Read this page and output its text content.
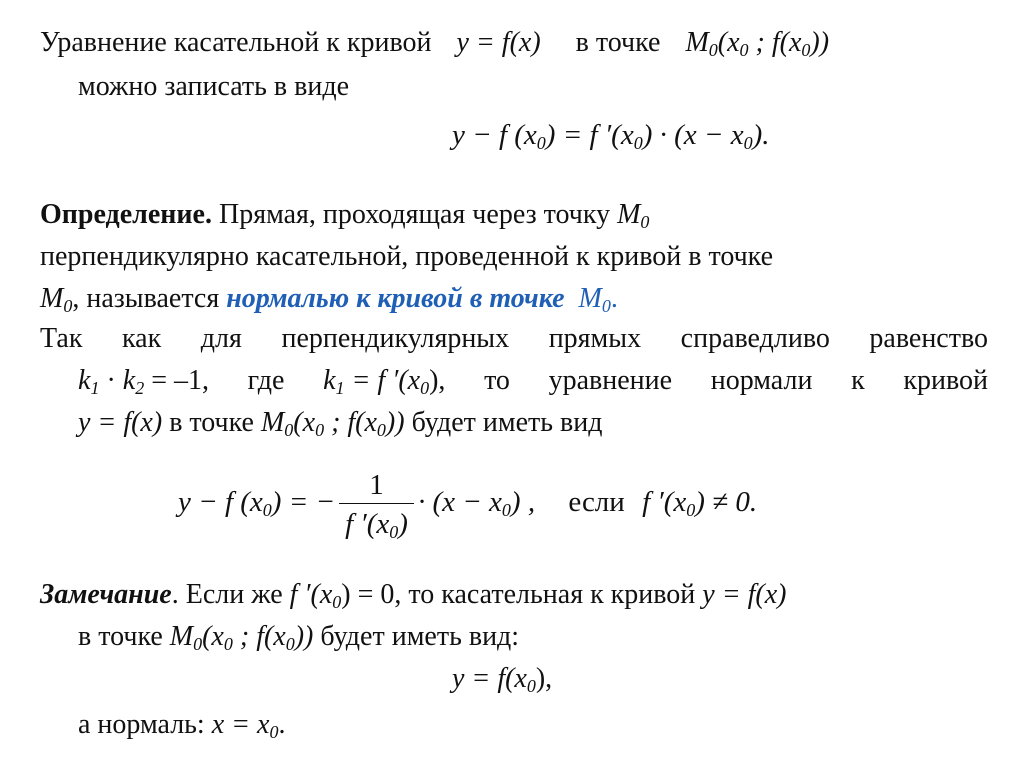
Уравнение касательной к кривой y = f(x) в точке $M_0(x_0$ ; $f(x_0)$)
можно записать в виде
y − f $(x_0) = f$ $'(x_0) \cdot (x - x_0)$.
Определение. Прямая, проходящая через точку $M_0$
перпендикулярно касательной, проведенной к кривой в точке
$M_0$, называется нормалью к кривой в точке $M_0$.
Так как для перпендикулярных прямых справедливо равенство
$k_1 \cdot k_2 = -1$, где $k_1 = f$ $'(x_0)$, то уравнение нормали к кривой
y = f(x) в точке $M_0(x_0$ ; $f(x_0)$) будет иметь вид
y − f $(x_0)$ = − $\frac{1}{f '(x_0)} \cdot (x - x_0)$ , если f $'(x_0) \ne 0$.
Замечание. Если же f $'(x_0) = 0$, то касательная к кривой y = f(x)
в точке $M_0(x_0$ ; $f(x_0)$) будет иметь вид:
$y = f(x_0)$,
а нормаль: $x = x_0$.
